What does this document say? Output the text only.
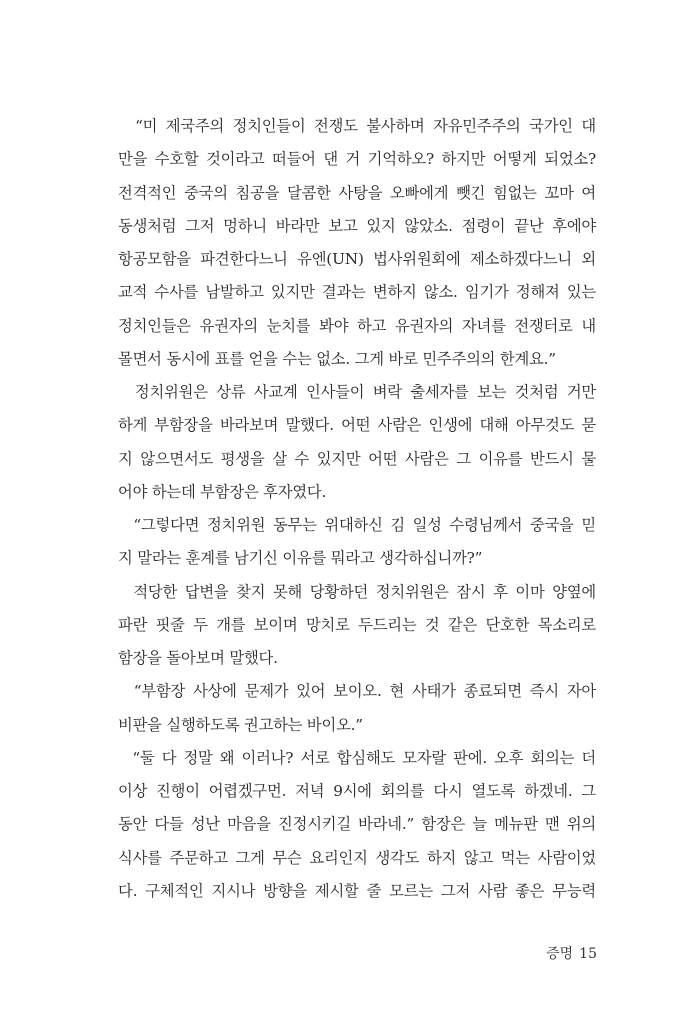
“미 제국주의 정치인들이 전쟁도 불사하며 자유민주주의 국가인 대
만을 수호할 것이라고 떠들어 댄 거 기억하오? 하지만 어떻게 되었소?
전격적인 중국의 침공을 달콤한 사탕을 오빠에게 뺏긴 힘없는 꼬마 여
동생처럼 그저 멍하니 바라만 보고 있지 않았소. 점령이 끝난 후에야
항공모함을 파견한다느니 유엔(UN) 법사위원회에 제소하겠다느니 외
교적 수사를 남발하고 있지만 결과는 변하지 않소. 임기가 정해져 있는
정치인들은 유권자의 눈치를 봐야 하고 유권자의 자녀를 전쟁터로 내
몰면서 동시에 표를 얻을 수는 없소. 그게 바로 민주주의의 한계요.”
정치위원은 상류 사교계 인사들이 벼락 출세자를 보는 것처럼 거만
하게 부함장을 바라보며 말했다. 어떤 사람은 인생에 대해 아무것도 묻
지 않으면서도 평생을 살 수 있지만 어떤 사람은 그 이유를 반드시 물
어야 하는데 부함장은 후자였다.
“그렇다면 정치위원 동무는 위대하신 김 일성 수령님께서 중국을 믿
지 말라는 훈계를 남기신 이유를 뭐라고 생각하십니까?”
적당한 답변을 찾지 못해 당황하던 정치위원은 잠시 후 이마 양옆에
파란 핏줄 두 개를 보이며 망치로 두드리는 것 같은 단호한 목소리로
함장을 돌아보며 말했다.
“부함장 사상에 문제가 있어 보이오. 현 사태가 종료되면 즉시 자아
비판을 실행하도록 권고하는 바이오.”
“둘 다 정말 왜 이러나? 서로 합심해도 모자랄 판에. 오후 회의는 더
이상 진행이 어렵겠구먼. 저녁 9시에 회의를 다시 열도록 하겠네. 그
동안 다들 성난 마음을 진정시키길 바라네.” 함장은 늘 메뉴판 맨 위의
식사를 주문하고 그게 무슨 요리인지 생각도 하지 않고 먹는 사람이었
다. 구체적인 지시나 방향을 제시할 줄 모르는 그저 사람 좋은 무능력
증명 15
